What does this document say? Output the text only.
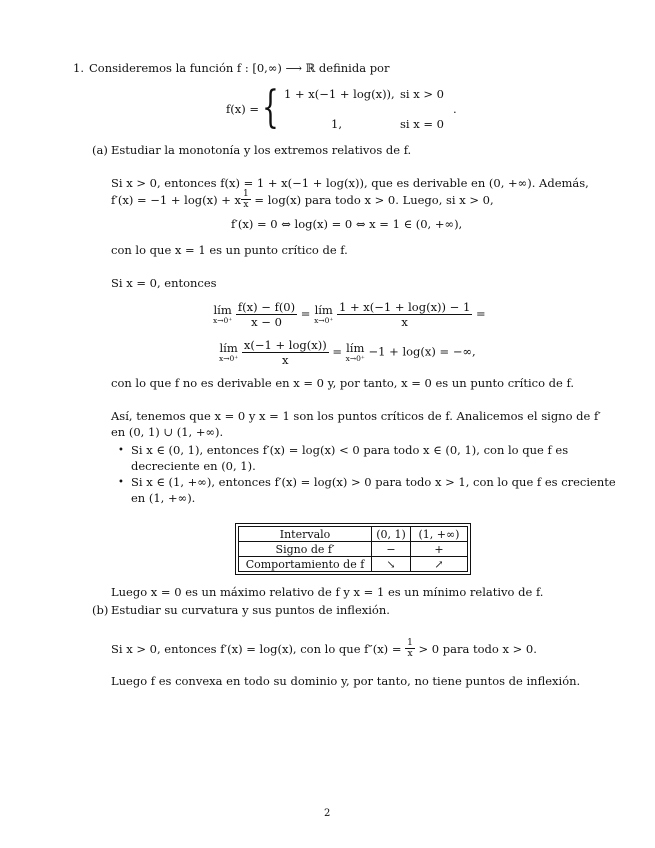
1. Consideremos la función f : [0,∞) ⟶ ℝ definida por
f(x) = { 1 + x(−1 + log(x)), si x > 0
1,	si x = 0
.
(a) Estudiar la monotonía y los extremos relativos de f.
Si x > 0, entonces f(x) = 1 + x(−1 + log(x)), que es derivable en (0, +∞). Además,
f′(x) = −1 + log(x) + x $\frac{1}{x} = \log(x)$ para todo x > 0. Luego, si x > 0,
f′(x) = 0 ⇔ log(x) = 0 ⇔ x = 1 ∈ (0, +∞),
con lo que x = 1 es un punto crítico de f.
Si x = 0, entonces
lím
x→0⁺
$\frac{f(x) - f(0)}{x - 0}$ = lím
x→0⁺
$\frac{1 + x(-1 + \log(x)) - 1}{x}$ =
lím
x→0⁺
$\frac{x(-1 + \log(x))}{x}$ = lím
x→0⁺ −1 + log(x) = −∞,
con lo que f no es derivable en x = 0 y, por tanto, x = 0 es un punto crítico de f.
Así, tenemos que x = 0 y x = 1 son los puntos críticos de f. Analicemos el signo de f′
en (0, 1) ∪ (1, +∞).
• Si x ∈ (0, 1), entonces f′(x) = log(x) < 0 para todo x ∈ (0, 1), con lo que f es
decreciente en (0, 1).
• Si x ∈ (1, +∞), entonces f′(x) = log(x) > 0 para todo x > 1, con lo que f es creciente
en (1, +∞).
Intervalo	(0, 1)	(1, +∞)
Signo de f′	−	+
Comportamiento de f	↘	↗
Luego x = 0 es un máximo relativo de f y x = 1 es un mínimo relativo de f.
(b) Estudiar su curvatura y sus puntos de inflexión.
Si x > 0, entonces f′(x) = log(x), con lo que $f''(x) = \frac{1}{x} > 0$ para todo x > 0.
Luego f es convexa en todo su dominio y, por tanto, no tiene puntos de inflexión.
2
